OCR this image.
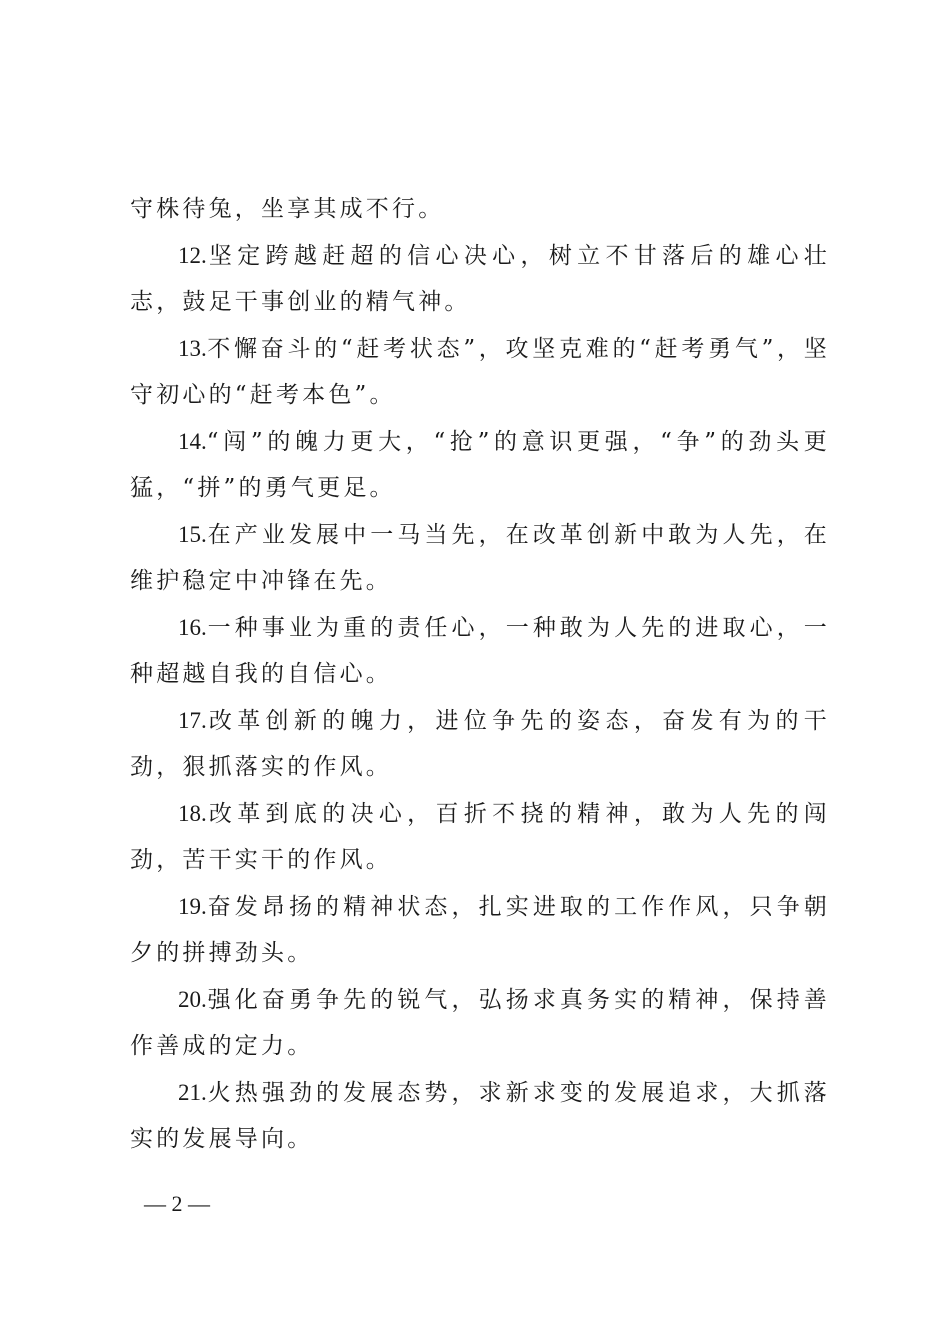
守株待兔，坐享其成不行。

12.坚定跨越赶超的信心决心，树立不甘落后的雄心壮志，鼓足干事创业的精气神。

13.不懈奋斗的“赶考状态”，攻坚克难的“赶考勇气”，坚守初心的“赶考本色”。

14.“闯”的魄力更大，“抢”的意识更强，“争”的劲头更猛，“拼”的勇气更足。

15.在产业发展中一马当先，在改革创新中敢为人先，在维护稳定中冲锋在先。

16.一种事业为重的责任心，一种敢为人先的进取心，一种超越自我的自信心。

17.改革创新的魄力，进位争先的姿态，奋发有为的干劲，狠抓落实的作风。

18.改革到底的决心，百折不挠的精神，敢为人先的闯劲，苦干实干的作风。

19.奋发昂扬的精神状态，扎实进取的工作作风，只争朝夕的拼搏劲头。

20.强化奋勇争先的锐气，弘扬求真务实的精神，保持善作善成的定力。

21.火热强劲的发展态势，求新求变的发展追求，大抓落实的发展导向。

— 2 —
